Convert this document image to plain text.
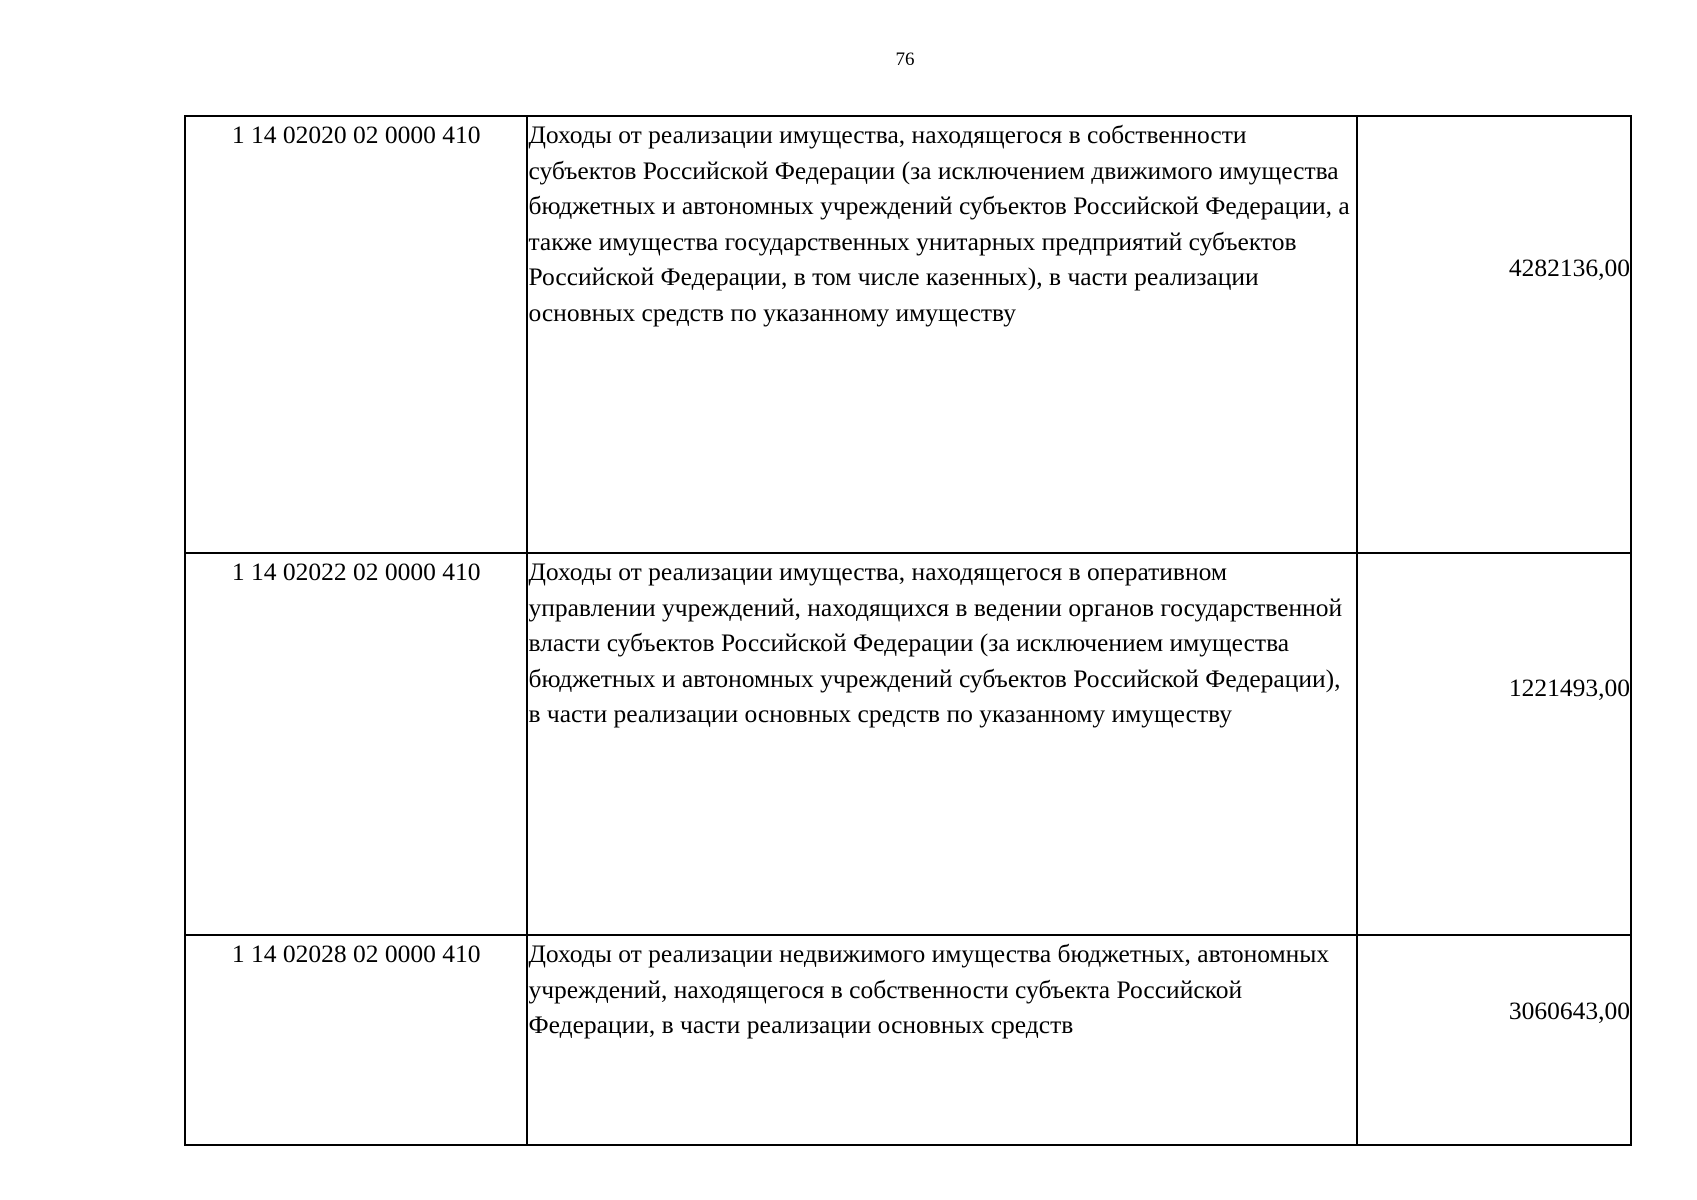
76
1 14 02020 02 0000 410	Доходы от реализации имущества, находящегося в собственности субъектов Российской Федерации (за исключением движимого имущества бюджетных и автономных учреждений субъектов Российской Федерации, а также имущества государственных унитарных предприятий субъектов Российской Федерации, в том числе казенных), в части реализации основных средств по указанному имуществу	4282136,00
1 14 02022 02 0000 410	Доходы от реализации имущества, находящегося в оперативном управлении учреждений, находящихся в ведении органов государственной власти субъектов Российской Федерации (за исключением имущества бюджетных и автономных учреждений субъектов Российской Федерации), в части реализации основных средств по указанному имуществу	1221493,00
1 14 02028 02 0000 410	Доходы от реализации недвижимого имущества бюджетных, автономных учреждений, находящегося в собственности субъекта Российской Федерации, в части реализации основных средств	3060643,00
